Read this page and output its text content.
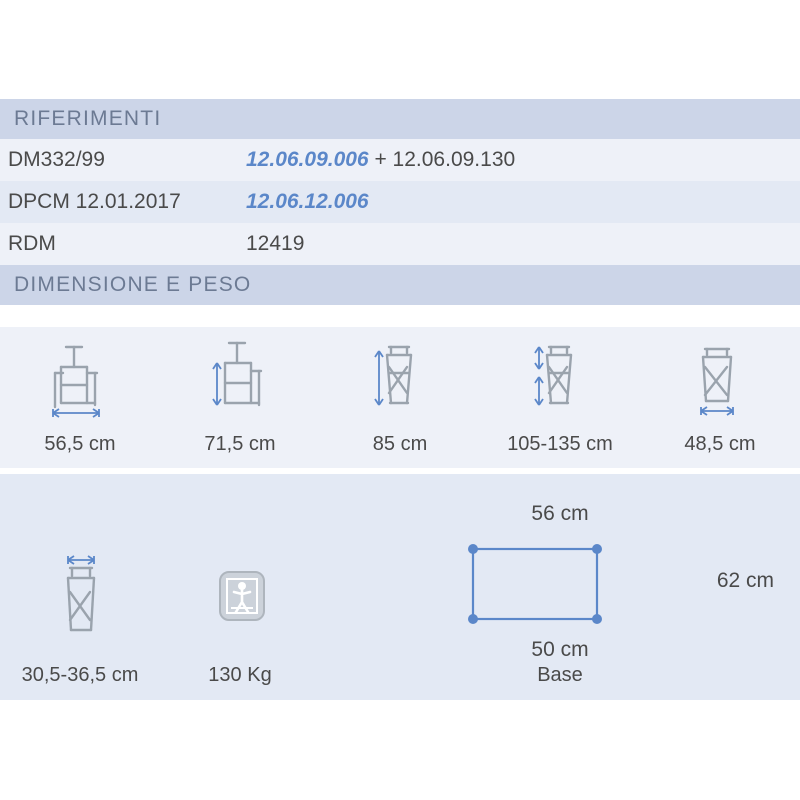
RIFERIMENTI	
DM332/99	12.06.09.006 + 12.06.09.130
DPCM 12.01.2017	12.06.12.006
RDM	12419
DIMENSIONE E PESO	
56,5 cm	71,5 cm	85 cm	105-135 cm	48,5 cm
30,5-36,5 cm	130 Kg
56 cm
62 cm
50 cm
Base
